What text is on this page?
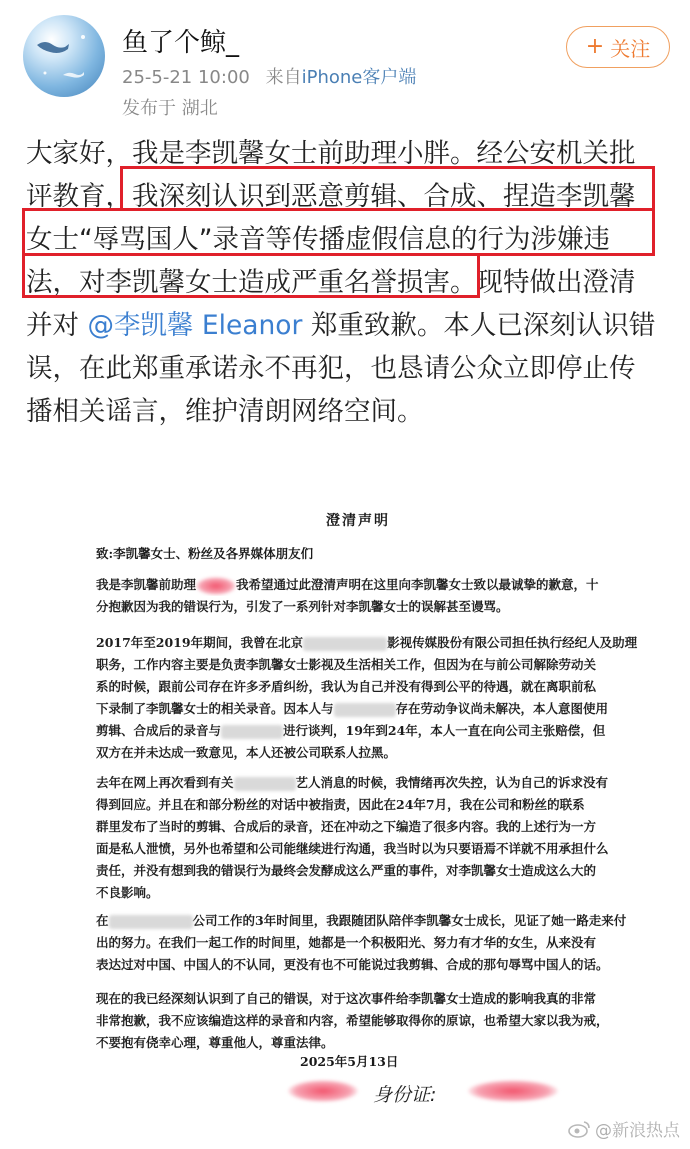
鱼了个鲸_
25-5-21 10:00 来自iPhone客户端
发布于 湖北
+ 关注
大家好，我是李凯馨女士前助理小胖。经公安机关批
评教育，我深刻认识到恶意剪辑、合成、捏造李凯馨
女士“辱骂国人”录音等传播虚假信息的行为涉嫌违
法，对李凯馨女士造成严重名誉损害。现特做出澄清
并对 @李凯馨 Eleanor 郑重致歉。本人已深刻认识错
误，在此郑重承诺永不再犯，也恳请公众立即停止传
播相关谣言，维护清朗网络空间。
澄清声明
致:李凯馨女士、粉丝及各界媒体朋友们
我是李凯馨前助理	我希望通过此澄清声明在这里向李凯馨女士致以最诚挚的歉意，十
分抱歉因为我的错误行为，引发了一系列针对李凯馨女士的误解甚至谩骂。
2017年至2019年期间，我曾在北京	影视传媒股份有限公司担任执行经纪人及助理
职务，工作内容主要是负责李凯馨女士影视及生活相关工作，但因为在与前公司解除劳动关
系的时候，跟前公司存在许多矛盾纠纷，我认为自己并没有得到公平的待遇，就在离职前私
下录制了李凯馨女士的相关录音。因本人与	存在劳动争议尚未解决，本人意图使用
剪辑、合成后的录音与	进行谈判，19年到24年，本人一直在向公司主张赔偿，但
双方在并未达成一致意见，本人还被公司联系人拉黑。
去年在网上再次看到有关	艺人消息的时候，我情绪再次失控，认为自己的诉求没有
得到回应。并且在和部分粉丝的对话中被指责，因此在24年7月，我在公司和粉丝的联系
群里发布了当时的剪辑、合成后的录音，还在冲动之下编造了很多内容。我的上述行为一方
面是私人泄愤，另外也希望和公司能继续进行沟通，我当时以为只要语焉不详就不用承担什么
责任，并没有想到我的错误行为最终会发酵成这么严重的事件，对李凯馨女士造成这么大的
不良影响。
在	公司工作的3年时间里，我跟随团队陪伴李凯馨女士成长，见证了她一路走来付
出的努力。在我们一起工作的时间里，她都是一个积极阳光、努力有才华的女生，从来没有
表达过对中国、中国人的不认同，更没有也不可能说过我剪辑、合成的那句辱骂中国人的话。
现在的我已经深刻认识到了自己的错误，对于这次事件给李凯馨女士造成的影响我真的非常
非常抱歉，我不应该编造这样的录音和内容，希望能够取得你的原谅，也希望大家以我为戒，
不要抱有侥幸心理，尊重他人，尊重法律。
2025年5月13日
身份证:
@新浪热点
